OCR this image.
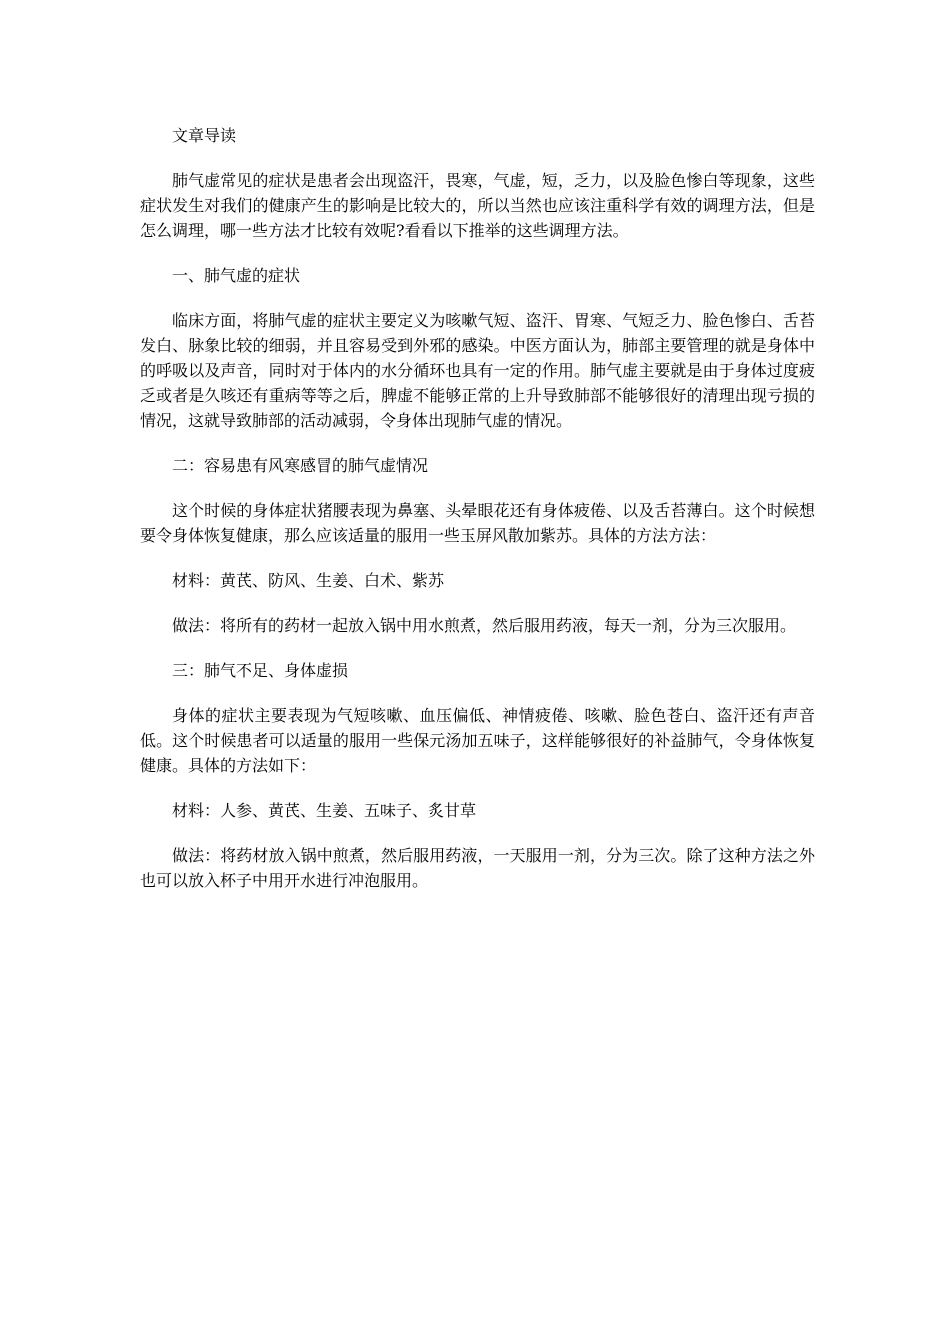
文章导读

肺气虚常见的症状是患者会出现盗汗，畏寒，气虚，短，乏力，以及脸色惨白等现象，这些症状发生对我们的健康产生的影响是比较大的，所以当然也应该注重科学有效的调理方法，但是怎么调理，哪一些方法才比较有效呢?看看以下推举的这些调理方法。

一、肺气虚的症状

临床方面，将肺气虚的症状主要定义为咳嗽气短、盗汗、胃寒、气短乏力、脸色惨白、舌苔发白、脉象比较的细弱，并且容易受到外邪的感染。中医方面认为，肺部主要管理的就是身体中的呼吸以及声音，同时对于体内的水分循环也具有一定的作用。肺气虚主要就是由于身体过度疲乏或者是久咳还有重病等等之后，脾虚不能够正常的上升导致肺部不能够很好的清理出现亏损的情况，这就导致肺部的活动减弱，令身体出现肺气虚的情况。

二：容易患有风寒感冒的肺气虚情况

这个时候的身体症状猪腰表现为鼻塞、头晕眼花还有身体疲倦、以及舌苔薄白。这个时候想要令身体恢复健康，那么应该适量的服用一些玉屏风散加紫苏。具体的方法方法：

材料：黄芪、防风、生姜、白术、紫苏

做法：将所有的药材一起放入锅中用水煎煮，然后服用药液，每天一剂，分为三次服用。

三：肺气不足、身体虚损

身体的症状主要表现为气短咳嗽、血压偏低、神情疲倦、咳嗽、脸色苍白、盗汗还有声音低。这个时候患者可以适量的服用一些保元汤加五味子，这样能够很好的补益肺气，令身体恢复健康。具体的方法如下：

材料：人参、黄芪、生姜、五味子、炙甘草

做法：将药材放入锅中煎煮，然后服用药液，一天服用一剂，分为三次。除了这种方法之外也可以放入杯子中用开水进行冲泡服用。
